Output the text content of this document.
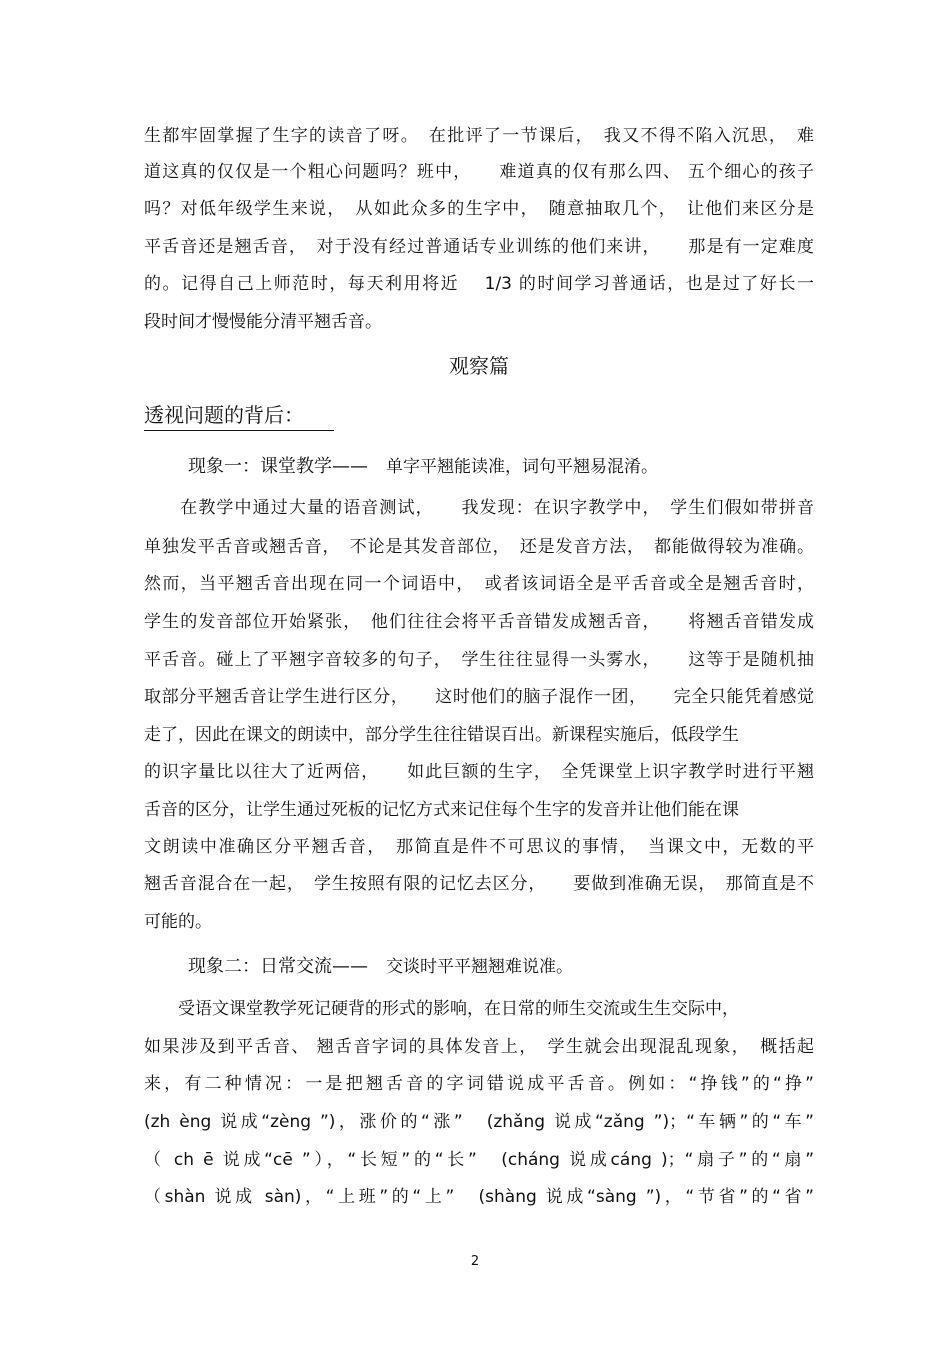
生都牢固掌握了生字的读音了呀。　在批评了一节课后，　我又不得不陷入沉思，　难
道这真的仅仅是一个粗心问题吗？班中，　　难道真的仅有那么四、 五个细心的孩子
吗？对低年级学生来说，　从如此众多的生字中，　随意抽取几个，　让他们来区分是
平舌音还是翘舌音，　对于没有经过普通话专业训练的他们来讲，　　那是有一定难度
的。记得自己上师范时，每天利用将近　 1/3 的时间学习普通话，也是过了好长一
段时间才慢慢能分清平翘舌音。
观察篇
透视问题的背后：
现象一：课堂教学—— 单字平翘能读准，词句平翘易混淆。
　　在教学中通过大量的语音测试，　　我发现：在识字教学中，　学生们假如带拼音
单独发平舌音或翘舌音，　不论是其发音部位，　还是发音方法，　都能做得较为准确。
然而，当平翘舌音出现在同一个词语中，　或者该词语全是平舌音或全是翘舌音时，
学生的发音部位开始紧张，　他们往往会将平舌音错发成翘舌音，　　将翘舌音错发成
平舌音。碰上了平翘字音较多的句子，　学生往往显得一头雾水，　　这等于是随机抽
取部分平翘舌音让学生进行区分，　　这时他们的脑子混作一团，　　完全只能凭着感觉
走了，因此在课文的朗读中，部分学生往往错误百出。新课程实施后，低段学生
的识字量比以往大了近两倍，　　如此巨额的生字，　全凭课堂上识字教学时进行平翘
舌音的区分，让学生通过死板的记忆方式来记住每个生字的发音并让他们能在课
文朗读中准确区分平翘舌音，　那简直是件不可思议的事情，　当课文中，无数的平
翘舌音混合在一起，　学生按照有限的记忆去区分，　　要做到准确无误，　那简直是不
可能的。
现象二：日常交流—— 交谈时平平翘翘难说准。
　　受语文课堂教学死记硬背的形式的影响，在日常的师生交流或生生交际中，
如果涉及到平舌音、 翘舌音字词的具体发音上，　学生就会出现混乱现象，　概括起
来，有二种情况：一是把翘舌音的字词错说成平舌音。例如：“挣钱”的“挣”
(zh èng 说成“zèng ”)，涨价的“涨”　(zhǎng 说成“zǎng ”)；“车辆”的“车”
（ ch ē 说成“cē ”），“长短”的“长”　(cháng 说成cáng )；“扇子”的“扇”
（shàn 说成 sàn)，“上班”的“上”　(shàng 说成“sàng ”)，“节省”的“省”
2
